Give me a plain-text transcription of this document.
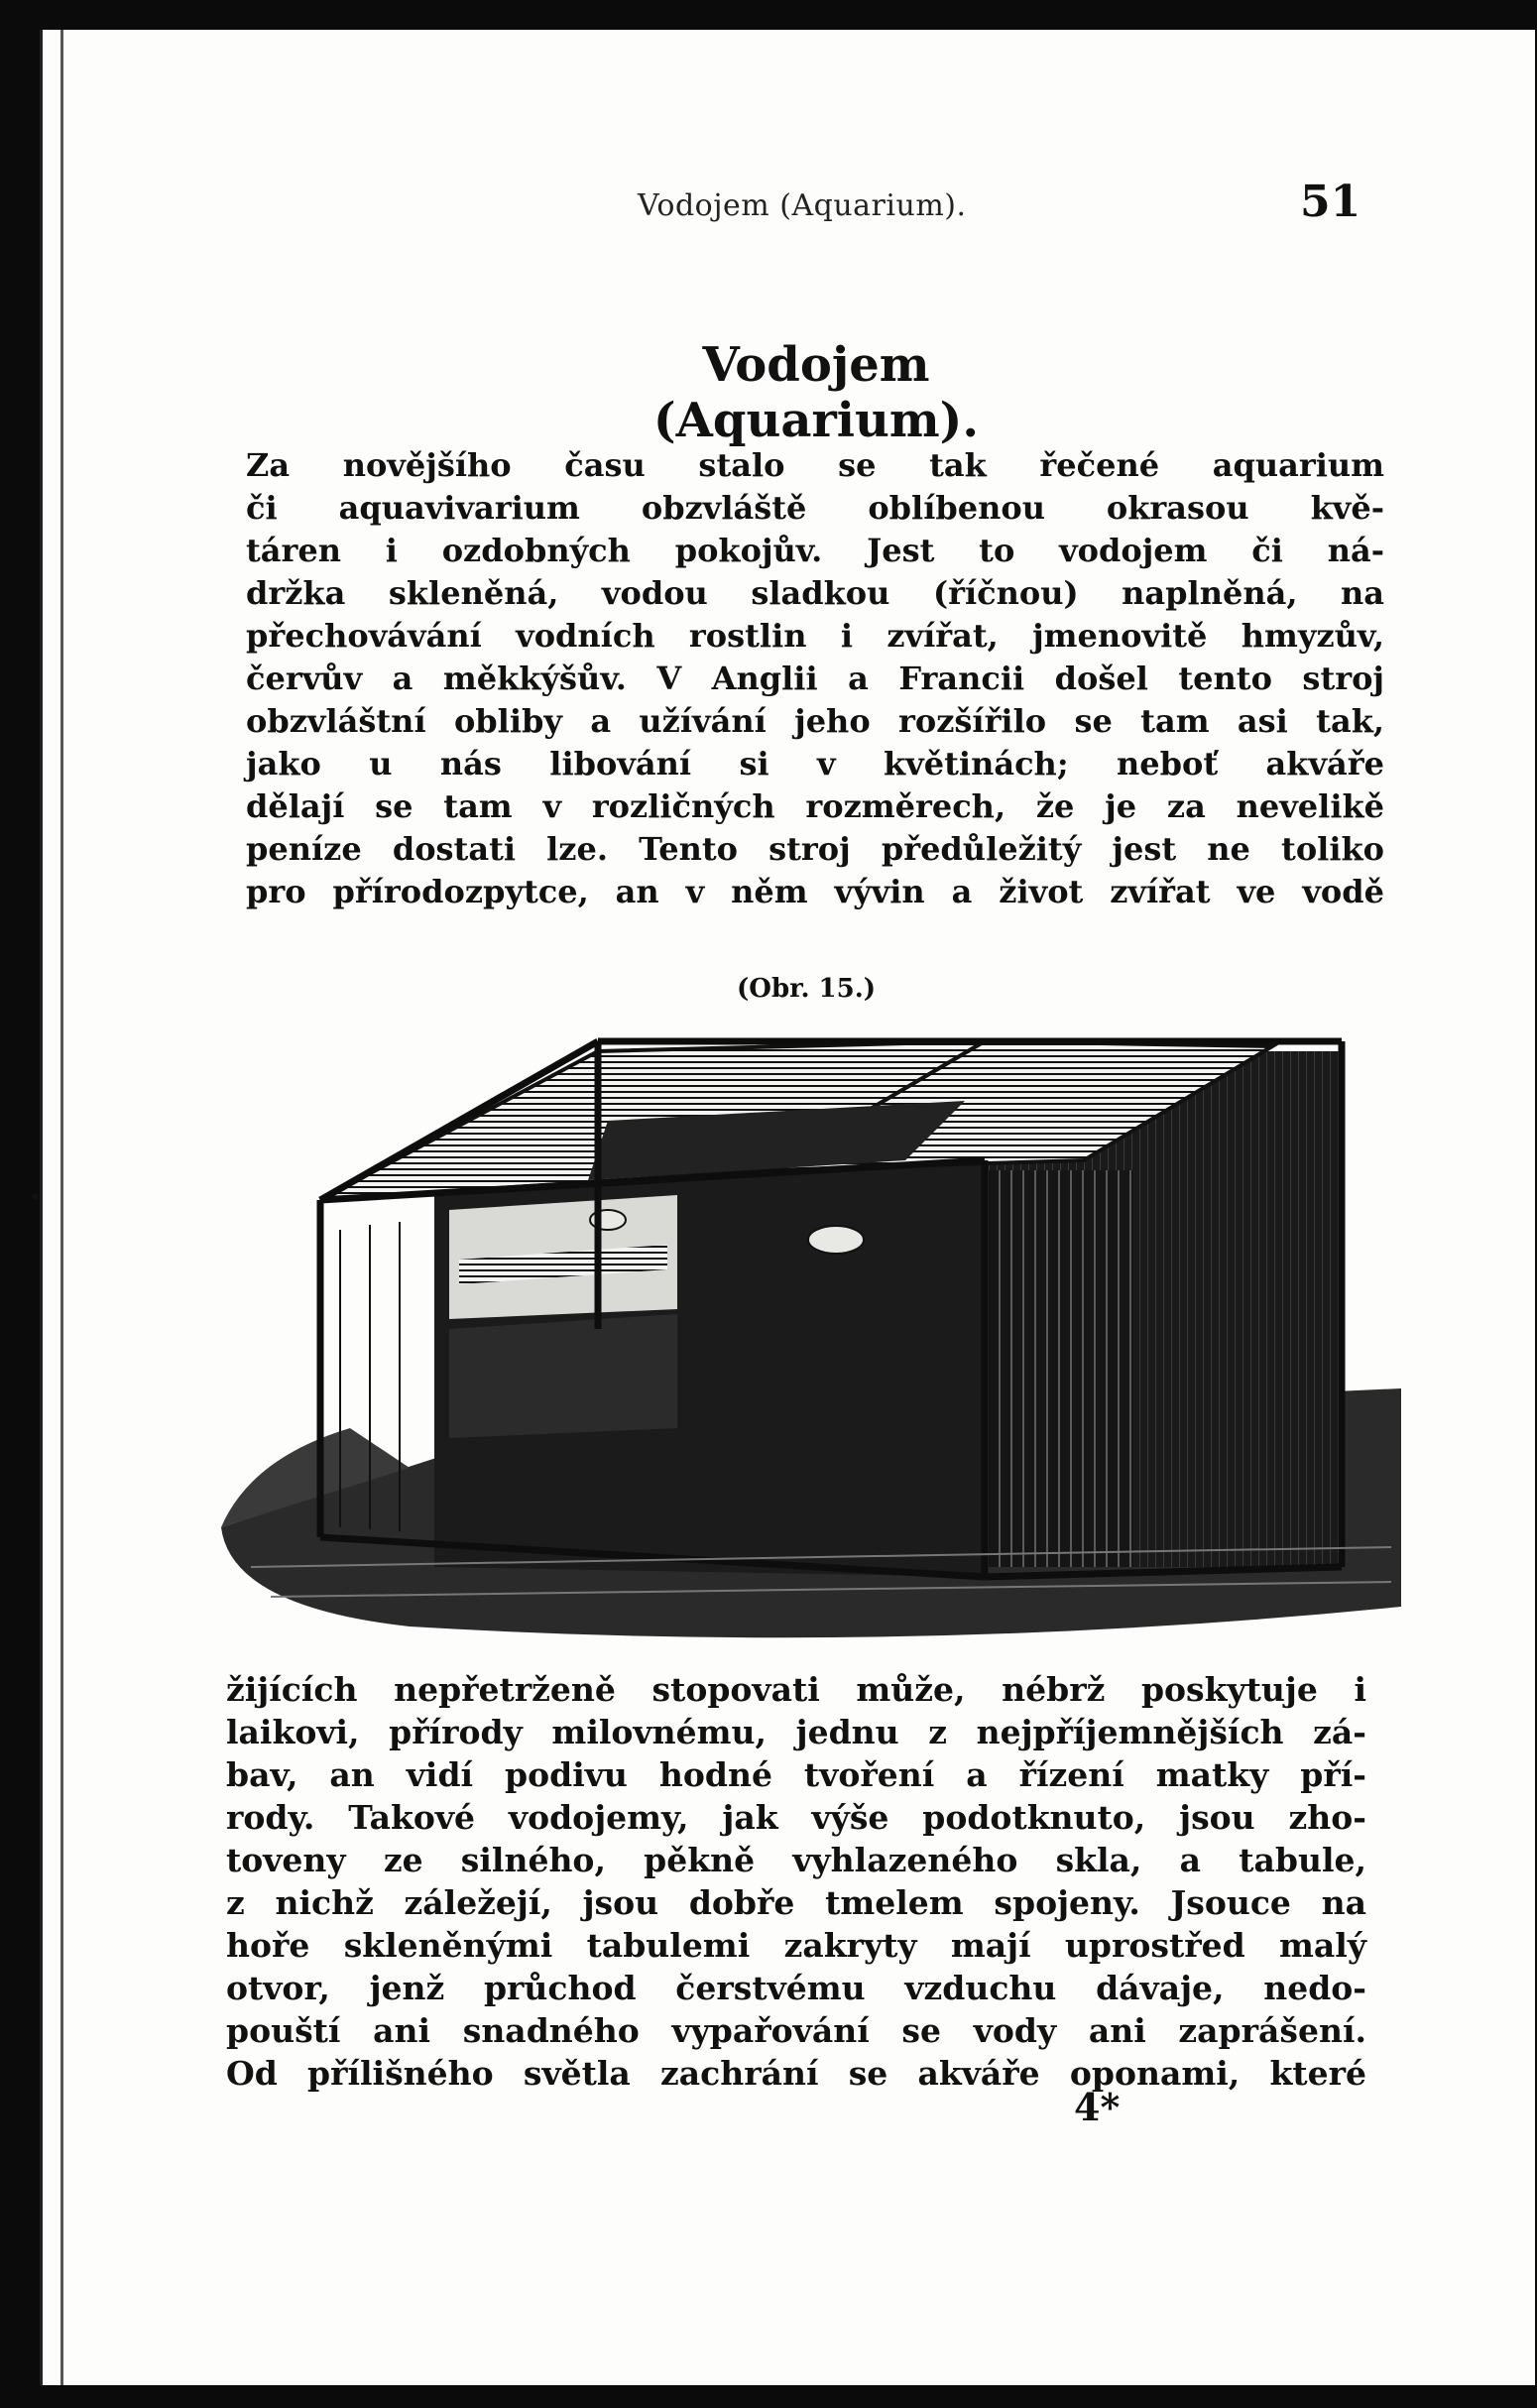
•
Vodojem (Aquarium).	51
Vodojem (Aquarium).

Za novějšího času stalo se tak řečené aquarium
či aquavivarium obzvláště oblíbenou okrasou kvě-
táren i ozdobných pokojův. Jest to vodojem či ná-
držka skleněná, vodou sladkou (říčnou) naplněná, na
přechovávání vodních rostlin i zvířat, jmenovitě hmyzův,
červův a měkkýšův. V Anglii a Francii došel tento stroj
obzvláštní obliby a užívání jeho rozšířilo se tam asi tak,
jako u nás libování si v květinách; neboť akváře
dělají se tam v rozličných rozměrech, že je za nevelikě
peníze dostati lze. Tento stroj předůležitý jest ne toliko
pro přírodozpytce, an v něm vývin a život zvířat ve vodě

(Obr. 15.)

žijících nepřetrženě stopovati může, nébrž poskytuje i
laikovi, přírody milovnému, jednu z nejpříjemnějších zá-
bav, an vidí podivu hodné tvoření a řízení matky pří-
rody. Takové vodojemy, jak výše podotknuto, jsou zho-
toveny ze silného, pěkně vyhlazeného skla, a tabule,
z nichž záležejí, jsou dobře tmelem spojeny. Jsouce na
hoře skleněnými tabulemi zakryty mají uprostřed malý
otvor, jenž průchod čerstvému vzduchu dávaje, nedo-
pouští ani snadného vypařování se vody ani zaprášení.
Od přílišného světla zachrání se akváře oponami, které

4*
